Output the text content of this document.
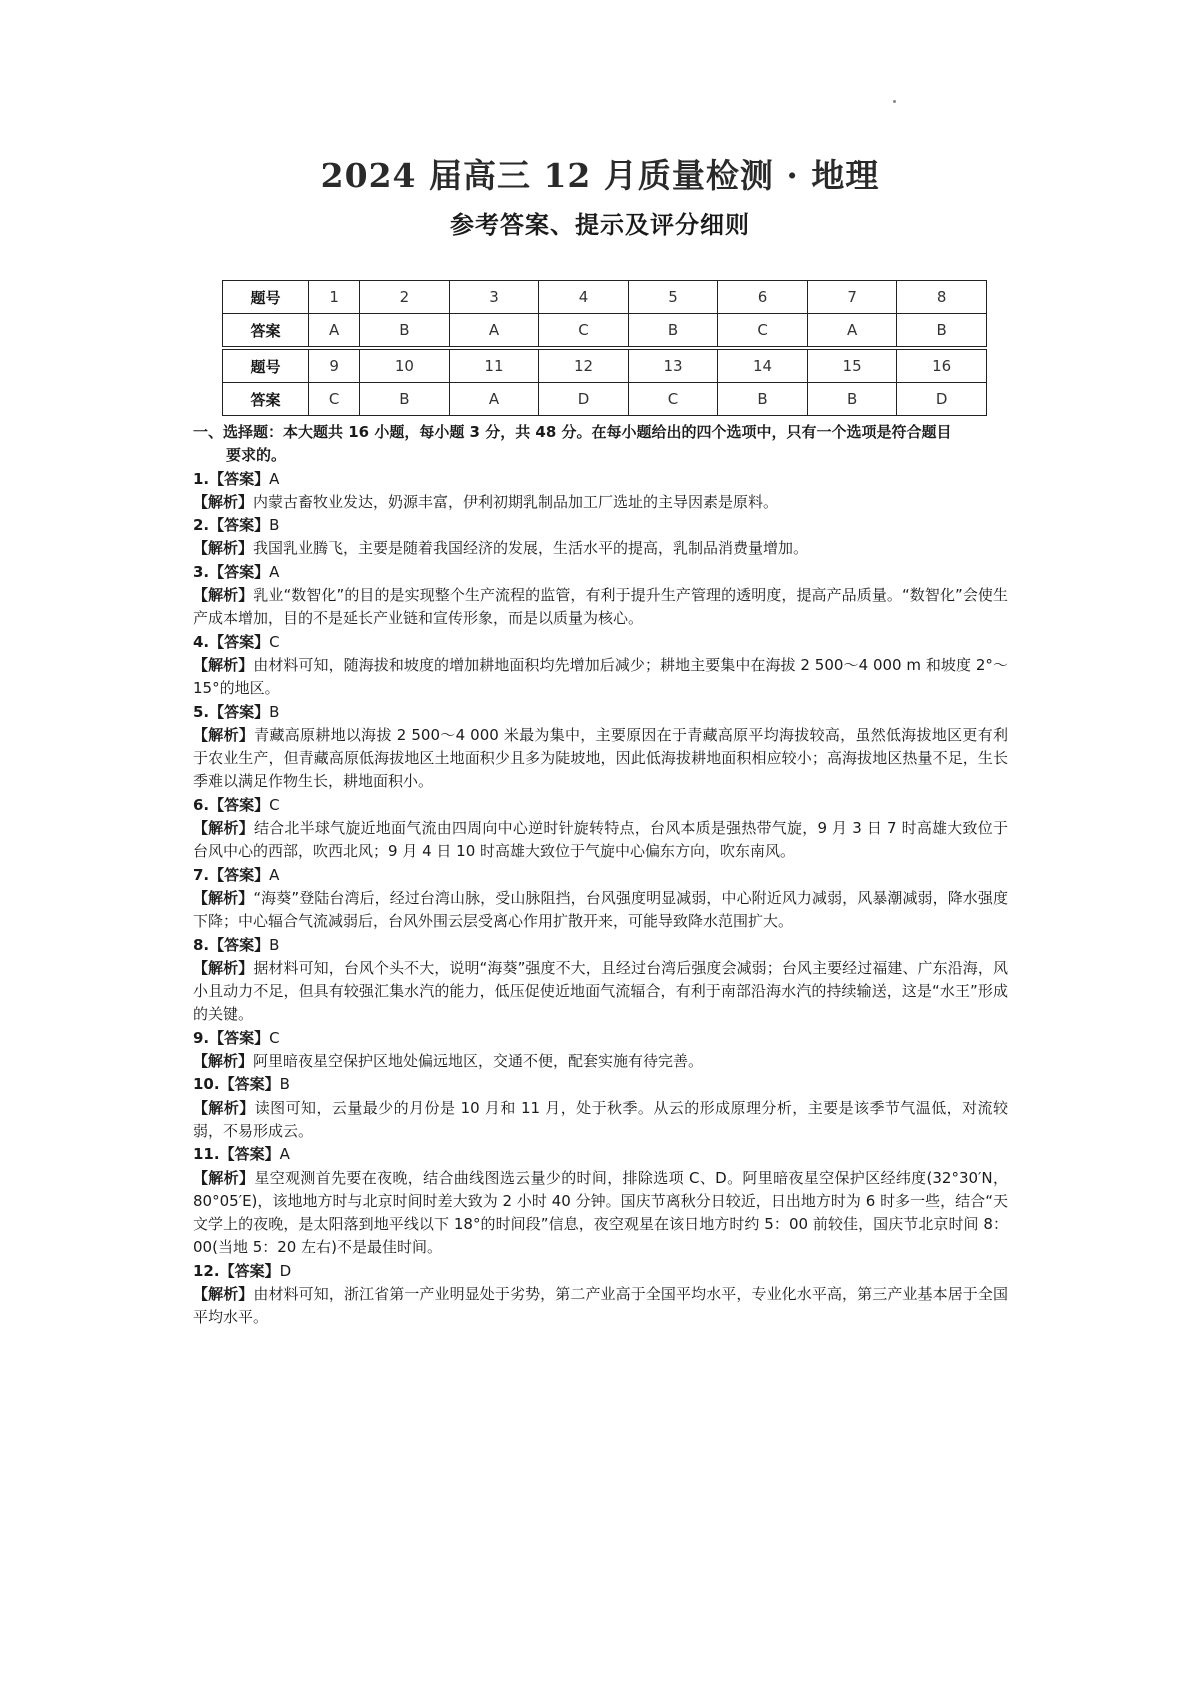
2024 届高三 12 月质量检测 · 地理
参考答案、提示及评分细则
题号	1	2	3	4	5	6	7	8
答案	A	B	A	C	B	C	A	B

题号	9	10	11	12	13	14	15	16
答案	C	B	A	D	C	B	B	D
一、选择题：本大题共 16 小题，每小题 3 分，共 48 分。在每小题给出的四个选项中，只有一个选项是符合题目
要求的。
1.【答案】A
【解析】内蒙古畜牧业发达，奶源丰富，伊利初期乳制品加工厂选址的主导因素是原料。
2.【答案】B
【解析】我国乳业腾飞，主要是随着我国经济的发展，生活水平的提高，乳制品消费量增加。
3.【答案】A
【解析】乳业“数智化”的目的是实现整个生产流程的监管，有利于提升生产管理的透明度，提高产品质量。“数智化”会使生产成本增加，目的不是延长产业链和宣传形象，而是以质量为核心。
4.【答案】C
【解析】由材料可知，随海拔和坡度的增加耕地面积均先增加后减少；耕地主要集中在海拔 2 500～4 000 m 和坡度 2°～15°的地区。
5.【答案】B
【解析】青藏高原耕地以海拔 2 500～4 000 米最为集中，主要原因在于青藏高原平均海拔较高，虽然低海拔地区更有利于农业生产，但青藏高原低海拔地区土地面积少且多为陡坡地，因此低海拔耕地面积相应较小；高海拔地区热量不足，生长季难以满足作物生长，耕地面积小。
6.【答案】C
【解析】结合北半球气旋近地面气流由四周向中心逆时针旋转特点，台风本质是强热带气旋，9 月 3 日 7 时高雄大致位于台风中心的西部，吹西北风；9 月 4 日 10 时高雄大致位于气旋中心偏东方向，吹东南风。
7.【答案】A
【解析】“海葵”登陆台湾后，经过台湾山脉，受山脉阻挡，台风强度明显减弱，中心附近风力减弱，风暴潮减弱，降水强度下降；中心辐合气流减弱后，台风外围云层受离心作用扩散开来，可能导致降水范围扩大。
8.【答案】B
【解析】据材料可知，台风个头不大，说明“海葵”强度不大，且经过台湾后强度会减弱；台风主要经过福建、广东沿海，风小且动力不足，但具有较强汇集水汽的能力，低压促使近地面气流辐合，有利于南部沿海水汽的持续输送，这是“水王”形成的关键。
9.【答案】C
【解析】阿里暗夜星空保护区地处偏远地区，交通不便，配套实施有待完善。
10.【答案】B
【解析】读图可知，云量最少的月份是 10 月和 11 月，处于秋季。从云的形成原理分析，主要是该季节气温低，对流较弱，不易形成云。
11.【答案】A
【解析】星空观测首先要在夜晚，结合曲线图选云量少的时间，排除选项 C、D。阿里暗夜星空保护区经纬度(32°30′N，80°05′E)，该地地方时与北京时间时差大致为 2 小时 40 分钟。国庆节离秋分日较近，日出地方时为 6 时多一些，结合“天文学上的夜晚，是太阳落到地平线以下 18°的时间段”信息，夜空观星在该日地方时约 5：00 前较佳，国庆节北京时间 8：00(当地 5：20 左右)不是最佳时间。
12.【答案】D
【解析】由材料可知，浙江省第一产业明显处于劣势，第二产业高于全国平均水平，专业化水平高，第三产业基本居于全国平均水平。
